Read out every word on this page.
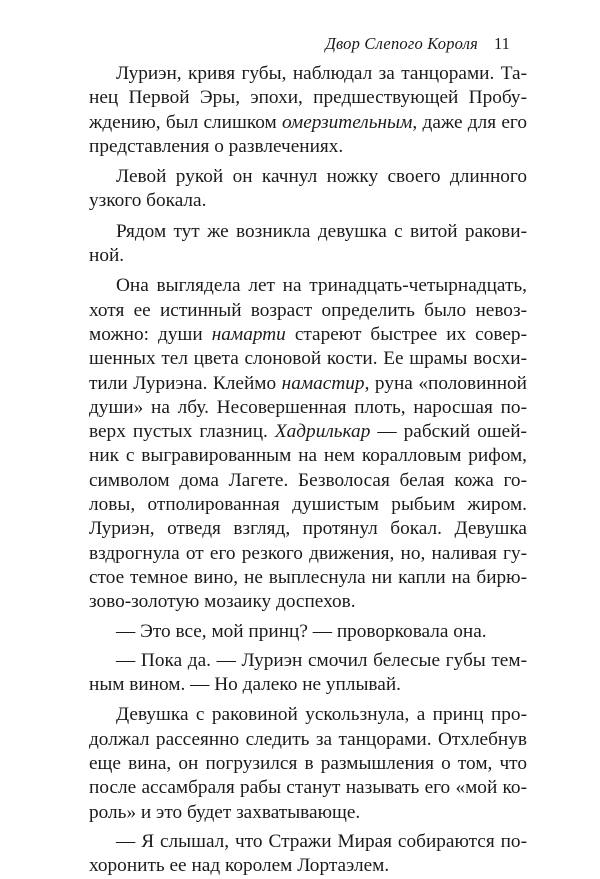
Двор Слепого Короля 11
Луриэн, кривя губы, наблюдал за танцорами. Та-
нец Первой Эры, эпохи, предшествующей Пробу-
ждению, был слишком омерзительным, даже для его
представления о развлечениях.
Левой рукой он качнул ножку своего длинного
узкого бокала.
Рядом тут же возникла девушка с витой ракови-
ной.
Она выглядела лет на тринадцать-четырнадцать,
хотя ее истинный возраст определить было невоз-
можно: души намарти стареют быстрее их совер-
шенных тел цвета слоновой кости. Ее шрамы восхи-
тили Луриэна. Клеймо намастир, руна «половинной
души» на лбу. Несовершенная плоть, наросшая по-
верх пустых глазниц. Хадрилькар — рабский ошей-
ник с выгравированным на нем коралловым рифом,
символом дома Лагете. Безволосая белая кожа го-
ловы, отполированная душистым рыбьим жиром.
Луриэн, отведя взгляд, протянул бокал. Девушка
вздрогнула от его резкого движения, но, наливая гу-
стое темное вино, не выплеснула ни капли на бирю-
зово-золотую мозаику доспехов.
— Это все, мой принц? — проворковала она.
— Пока да. — Луриэн смочил белесые губы тем-
ным вином. — Но далеко не уплывай.
Девушка с раковиной ускользнула, а принц про-
должал рассеянно следить за танцорами. Отхлебнув
еще вина, он погрузился в размышления о том, что
после ассамбраля рабы станут называть его «мой ко-
роль» и это будет захватывающе.
— Я слышал, что Стражи Мирая собираются по-
хоронить ее над королем Лортаэлем.
